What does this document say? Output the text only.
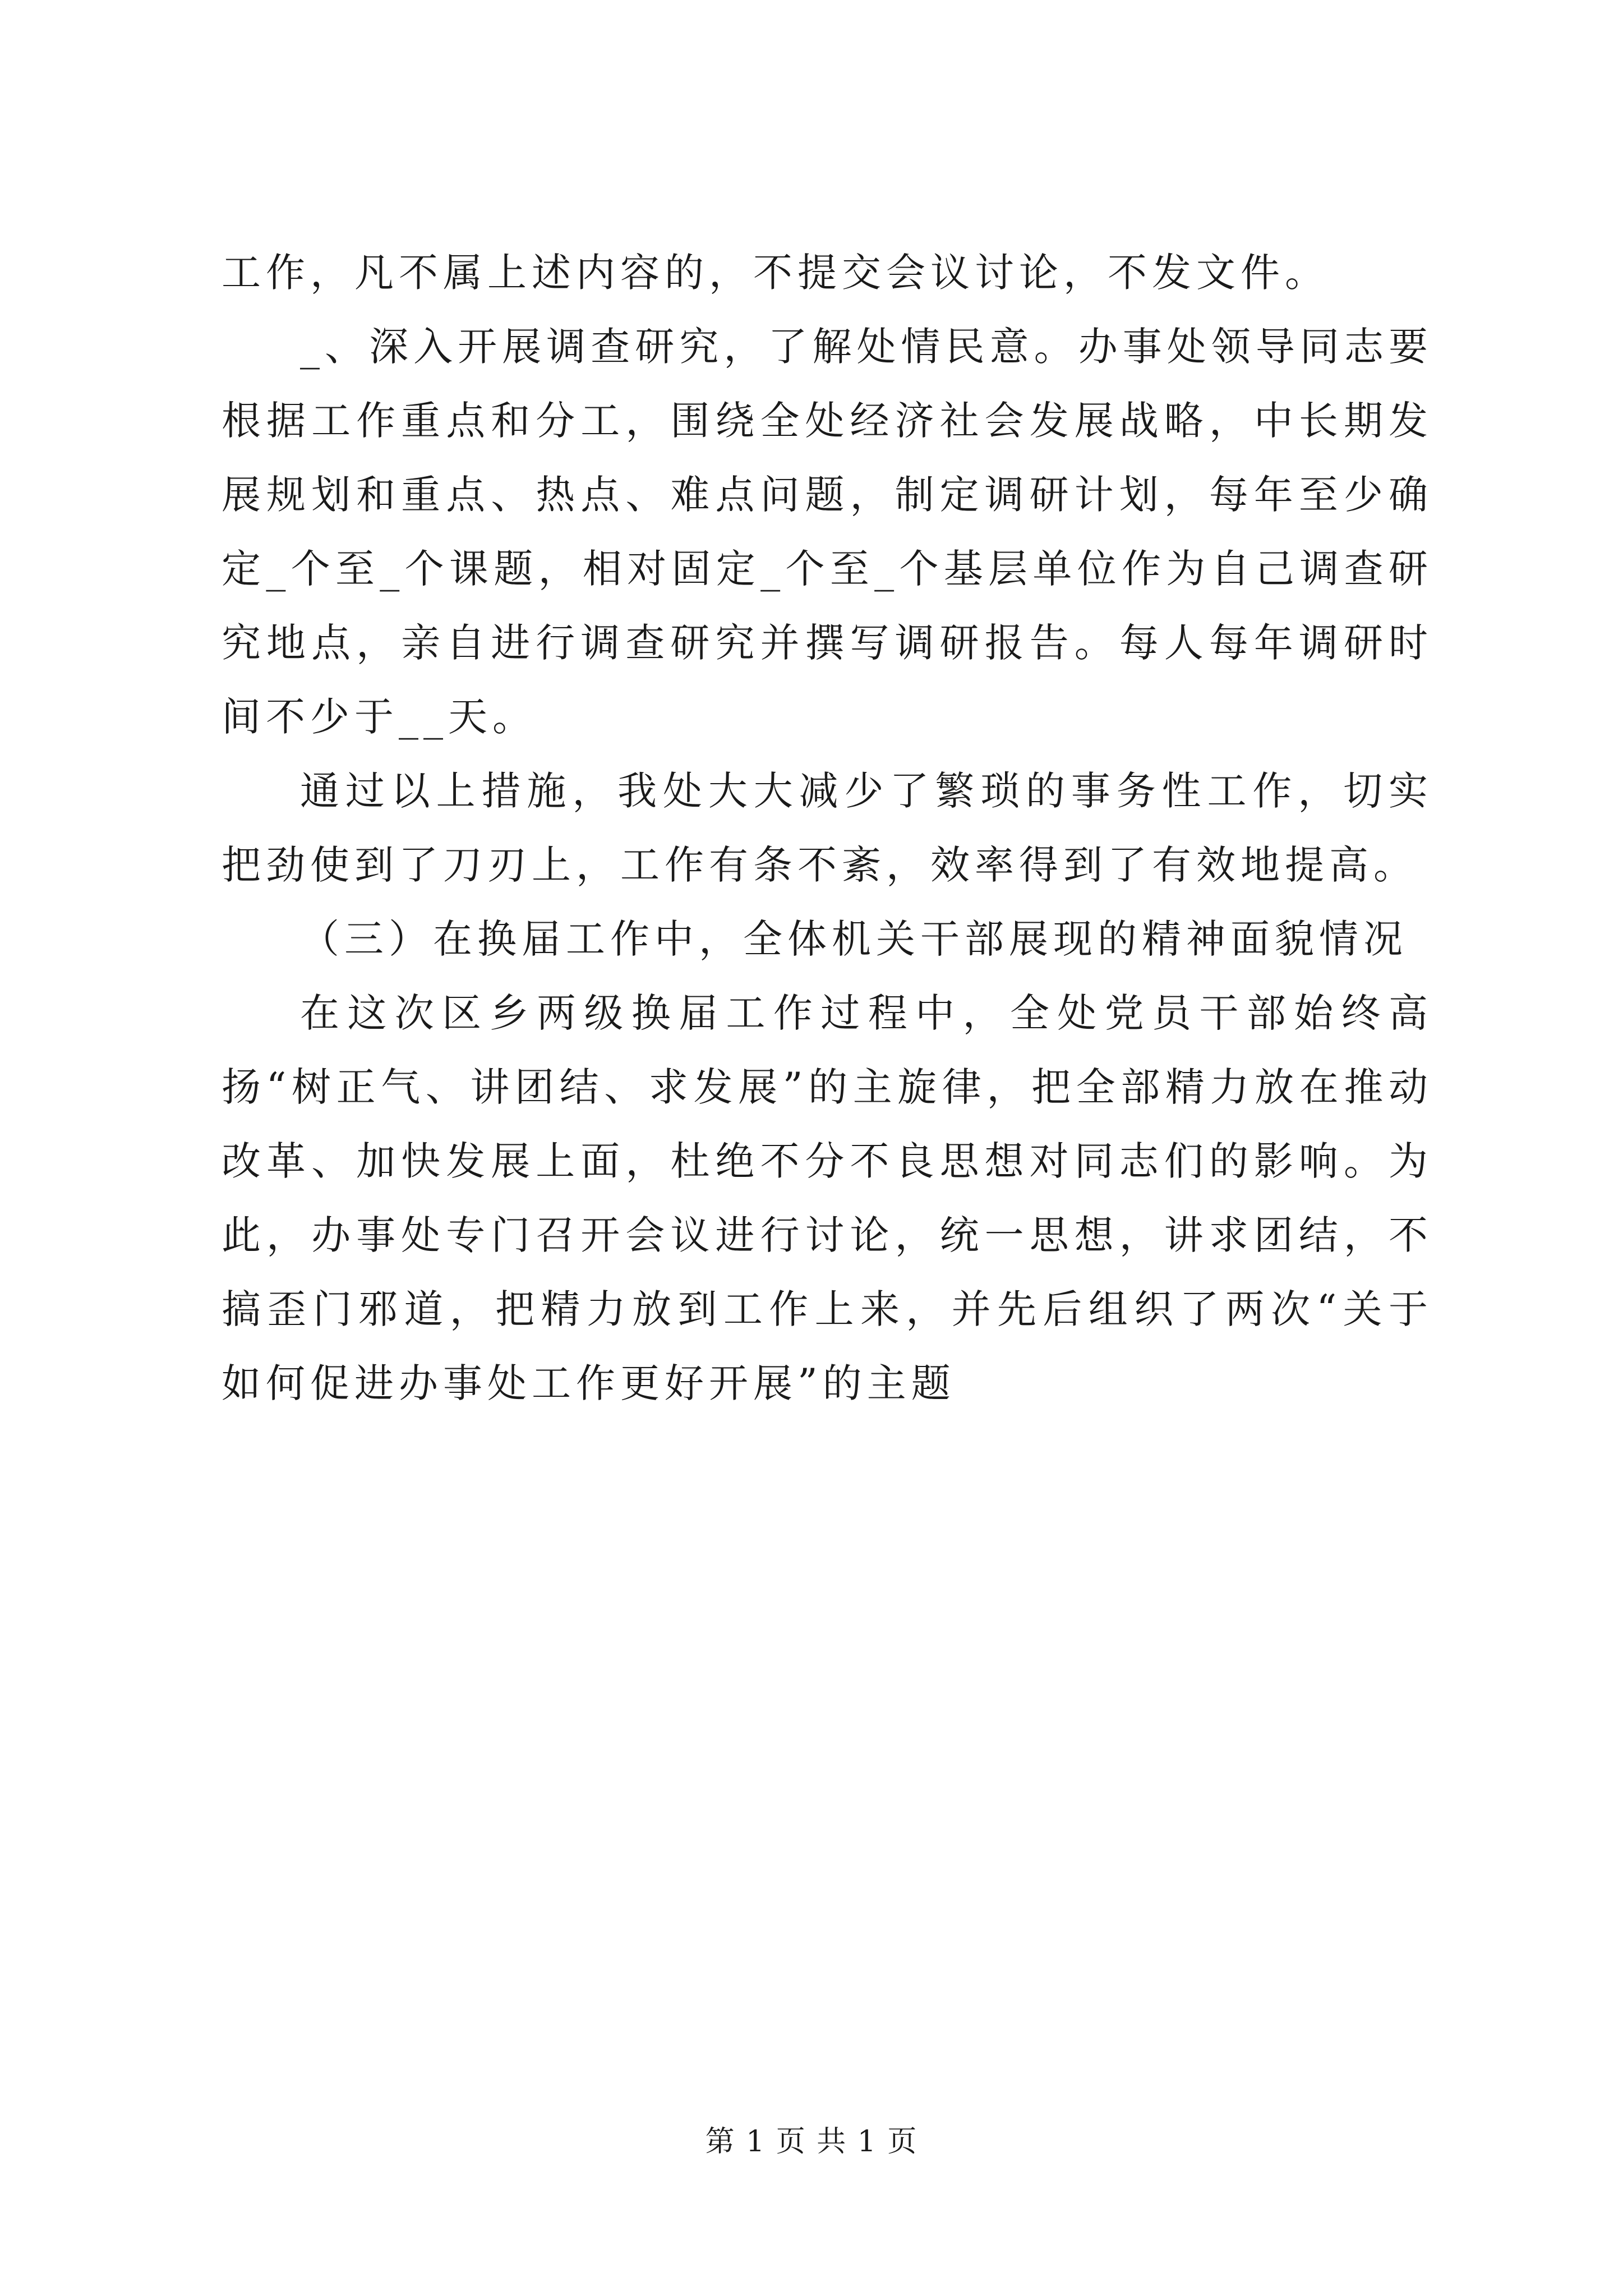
工作，凡不属上述内容的，不提交会议讨论，不发文件。

_、深入开展调查研究，了解处情民意。办事处领导同志要根据工作重点和分工，围绕全处经济社会发展战略，中长期发展规划和重点、热点、难点问题，制定调研计划，每年至少确定_个至_个课题，相对固定_个至_个基层单位作为自己调查研究地点，亲自进行调查研究并撰写调研报告。每人每年调研时间不少于__天。

通过以上措施，我处大大减少了繁琐的事务性工作，切实把劲使到了刀刃上，工作有条不紊，效率得到了有效地提高。

（三）在换届工作中，全体机关干部展现的精神面貌情况

在这次区乡两级换届工作过程中，全处党员干部始终高扬“树正气、讲团结、求发展”的主旋律，把全部精力放在推动改革、加快发展上面，杜绝不分不良思想对同志们的影响。为此，办事处专门召开会议进行讨论，统一思想，讲求团结，不搞歪门邪道，把精力放到工作上来，并先后组织了两次“关于如何促进办事处工作更好开展”的主题

第 1 页 共 1 页
